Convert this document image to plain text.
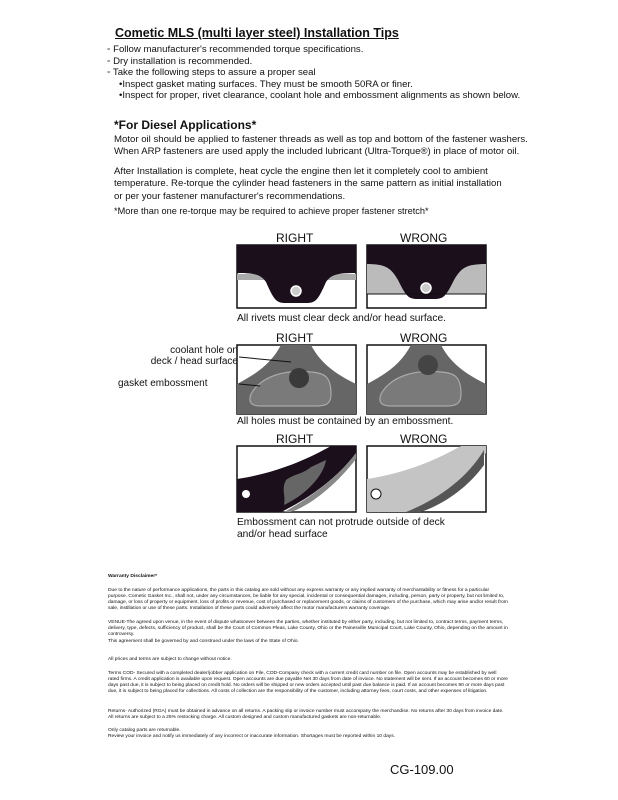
Cometic MLS (multi layer steel) Installation Tips
◦ Follow manufacturer's recommended torque specifications.
◦ Dry installation is recommended.
◦ Take the following steps to assure a proper seal
•Inspect gasket mating surfaces. They must be smooth 50RA or finer.
•Inspect for proper, rivet clearance, coolant hole and embossment alignments as shown below.
*For Diesel Applications*
Motor oil should be applied to fastener threads as well as top and bottom of the fastener washers.
When ARP fasteners are used apply the included lubricant (Ultra-Torque®) in place of motor oil.
After Installation is complete, heat cycle the engine then let it completely cool to ambient
temperature. Re-torque the cylinder head fasteners in the same pattern as initial installation
or per your fastener manufacturer's recommendations.
*More than one re-torque may be required to achieve proper fastener stretch*
RIGHT	WRONG
RIGHT	WRONG
RIGHT	WRONG
All rivets must clear deck and/or head surface.
coolant hole on
deck / head surface
gasket embossment
All holes must be contained by an embossment.
Embossment can not protrude outside of deck
and/or head surface
Warranty Disclaimer*
Due to the nature of performance applications, the parts in this catalog are sold without any express warranty or any implied warranty of merchantability or fitness for a particular purpose. Cometic Gasket Inc., shall not, under any circumstances, be liable for any special, incidental or consequential damages, including, person, party or property, but not limited to, damage, or loss of property or equipment, loss of profits or revenue, cost of purchased or replacement goods, or claims of customers of the purchase, which may arise and/or result from sale, instillation or use of these parts. Installation of these parts could adversely affect the motor manufacturers warranty coverage.
VENUE-The agreed upon venue, in the event of dispute whatsoever between the parties, whether instituted by either party, including, but not limited to, contract terms, payment terms, delivery, type, defects, sufficiency of product, shall be the Court of Common Pleas, Lake County, Ohio or the Painesville Municipal Court, Lake County, Ohio, depending on the amount in controversy.
This agreement shall be governed by and construed under the laws of the State of Ohio.
All prices and terms are subject to change without notice.
Terms COD- Secured with a completed dealer/jobber application on File, COD-Company check with a current credit card number on file. Open accounts may be established by well rated firms. A credit application is available upon request. Open accounts are due payable Net 30 days from date of invoice. No statement will be sent. If an account becomes 60 or more days past due, it is subject to being placed on credit hold. No orders will be shipped or new orders accepted until past due balance is paid. If an account becomes 90 or more days past due, it is subject to being placed for collections. All costs of collection are the responsibility of the customer, including attorney fees, court costs, and other expenses of litigation.
Returns- Authorized (RGA) must be obtained in advance on all returns. A packing slip or invoice number must accompany the merchandise. No returns after 30 days from invoice date. All returns are subject to a 25% restocking charge. All custom designed and custom manufactured gaskets are non-returnable.
Only catalog parts are returnable.
Review your invoice and notify us immediately of any incorrect or inaccurate information. Shortages must be reported within 10 days.
CG-109.00
